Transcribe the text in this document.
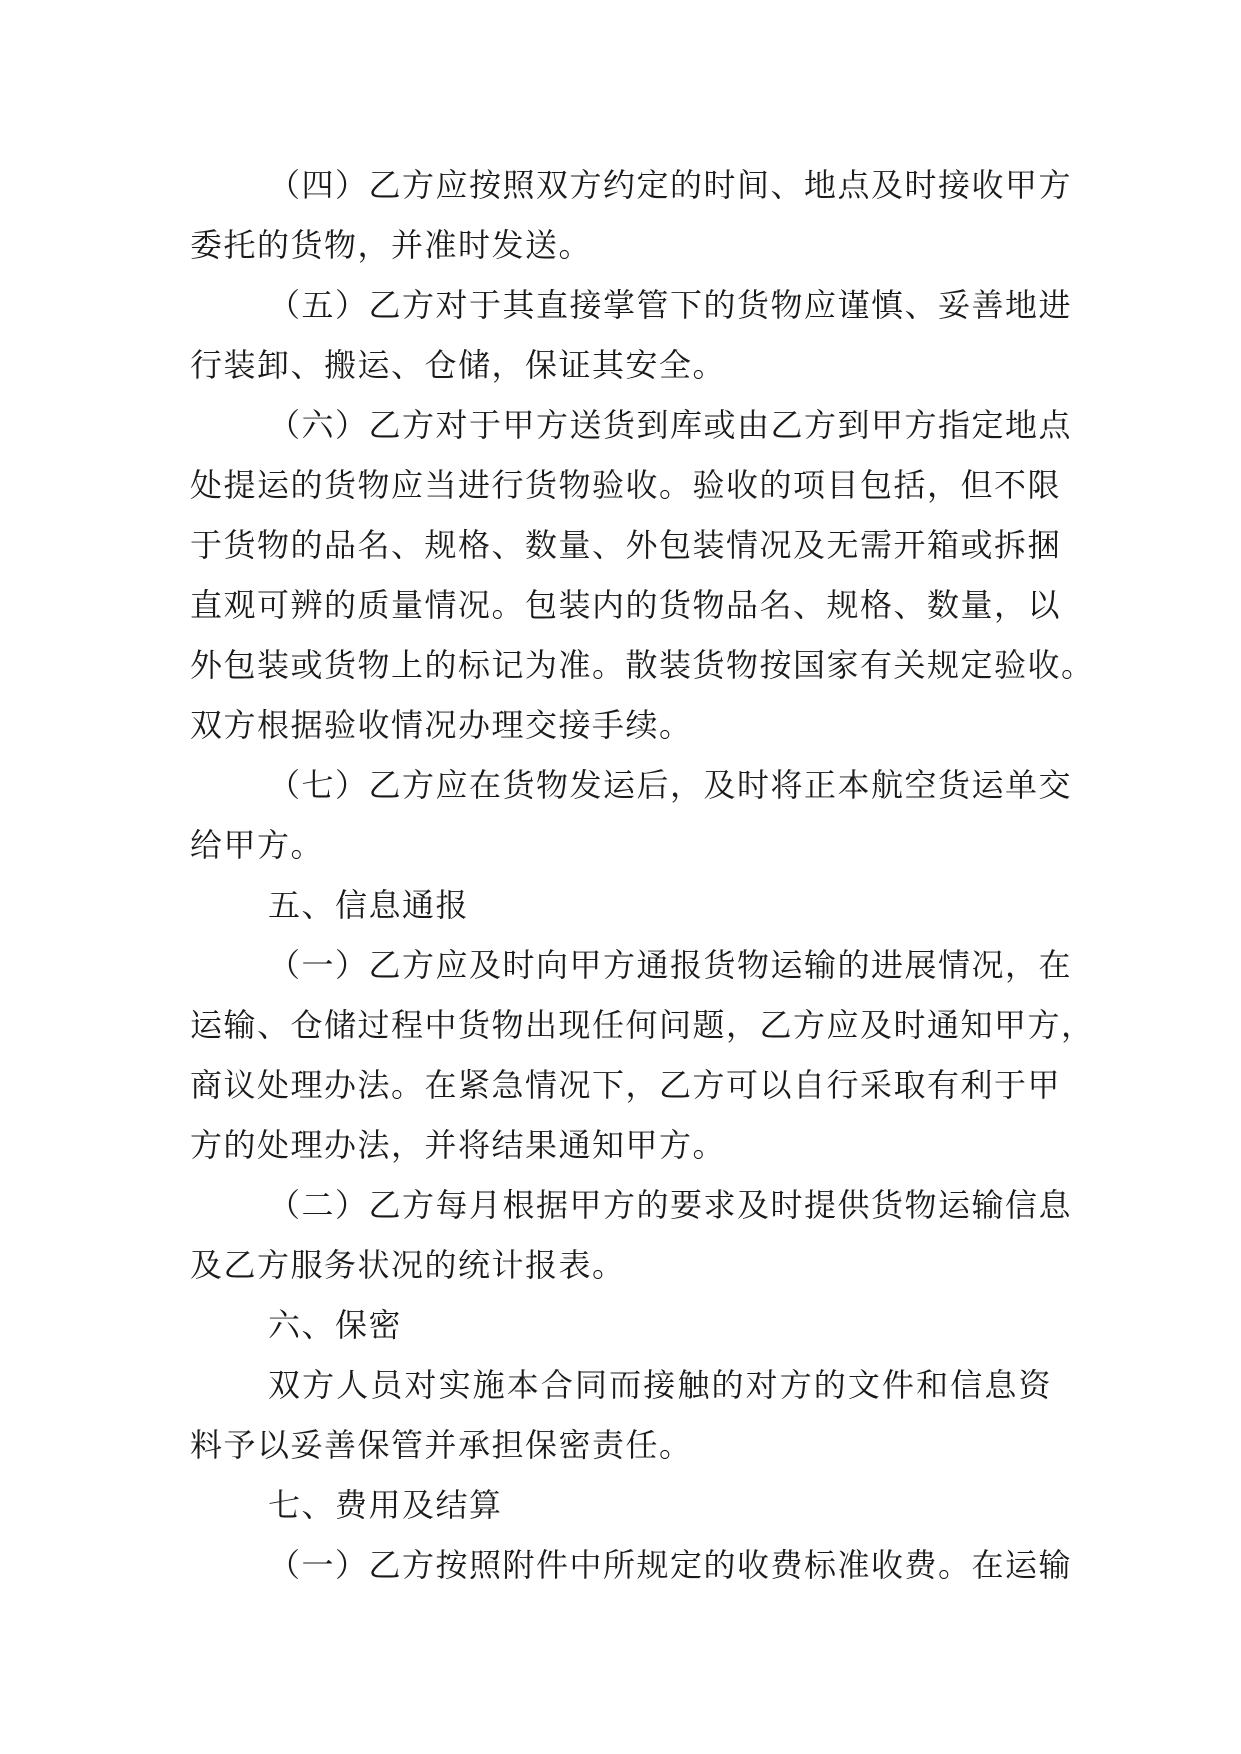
（四）乙方应按照双方约定的时间、地点及时接收甲方

委托的货物，并准时发送。

（五）乙方对于其直接掌管下的货物应谨慎、妥善地进

行装卸、搬运、仓储，保证其安全。

（六）乙方对于甲方送货到库或由乙方到甲方指定地点

处提运的货物应当进行货物验收。验收的项目包括，但不限

于货物的品名、规格、数量、外包装情况及无需开箱或拆捆

直观可辨的质量情况。包装内的货物品名、规格、数量，以

外包装或货物上的标记为准。散装货物按国家有关规定验收。

双方根据验收情况办理交接手续。

（七）乙方应在货物发运后，及时将正本航空货运单交

给甲方。

五、信息通报

（一）乙方应及时向甲方通报货物运输的进展情况，在

运输、仓储过程中货物出现任何问题，乙方应及时通知甲方，

商议处理办法。在紧急情况下，乙方可以自行采取有利于甲

方的处理办法，并将结果通知甲方。

（二）乙方每月根据甲方的要求及时提供货物运输信息

及乙方服务状况的统计报表。

六、保密

双方人员对实施本合同而接触的对方的文件和信息资

料予以妥善保管并承担保密责任。

七、费用及结算

（一）乙方按照附件中所规定的收费标准收费。在运输
